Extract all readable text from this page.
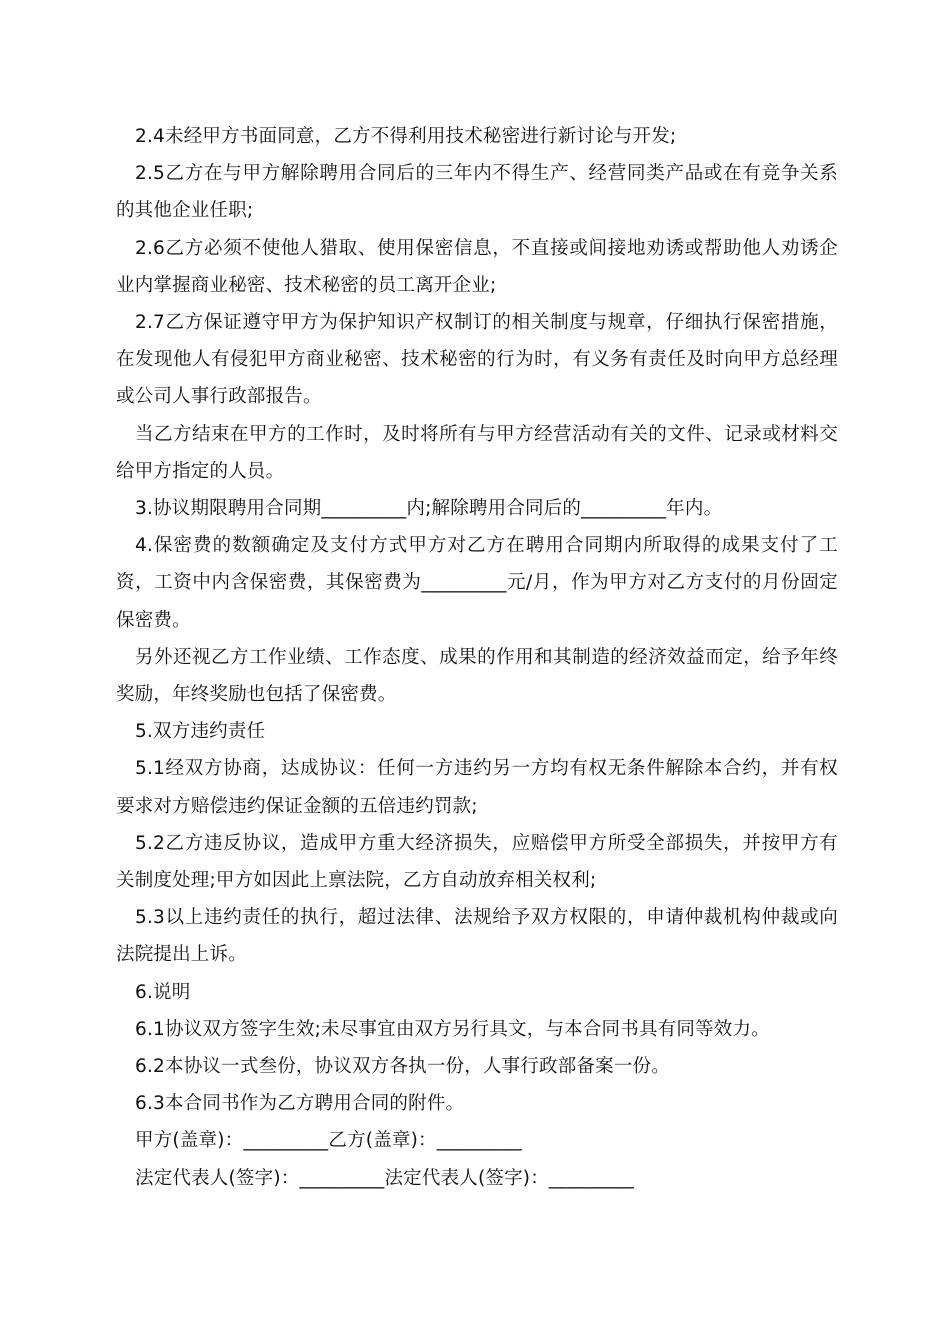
2.4未经甲方书面同意，乙方不得利用技术秘密进行新讨论与开发;

2.5乙方在与甲方解除聘用合同后的三年内不得生产、经营同类产品或在有竞争关系的其他企业任职;

2.6乙方必须不使他人猎取、使用保密信息，不直接或间接地劝诱或帮助他人劝诱企业内掌握商业秘密、技术秘密的员工离开企业;

2.7乙方保证遵守甲方为保护知识产权制订的相关制度与规章，仔细执行保密措施，在发现他人有侵犯甲方商业秘密、技术秘密的行为时，有义务有责任及时向甲方总经理或公司人事行政部报告。

当乙方结束在甲方的工作时，及时将所有与甲方经营活动有关的文件、记录或材料交给甲方指定的人员。

3.协议期限聘用合同期_________内;解除聘用合同后的_________年内。

4.保密费的数额确定及支付方式甲方对乙方在聘用合同期内所取得的成果支付了工资，工资中内含保密费，其保密费为_________元/月，作为甲方对乙方支付的月份固定保密费。

另外还视乙方工作业绩、工作态度、成果的作用和其制造的经济效益而定，给予年终奖励，年终奖励也包括了保密费。

5.双方违约责任

5.1经双方协商，达成协议：任何一方违约另一方均有权无条件解除本合约，并有权要求对方赔偿违约保证金额的五倍违约罚款;

5.2乙方违反协议，造成甲方重大经济损失，应赔偿甲方所受全部损失，并按甲方有关制度处理;甲方如因此上禀法院，乙方自动放弃相关权利;

5.3以上违约责任的执行，超过法律、法规给予双方权限的，申请仲裁机构仲裁或向法院提出上诉。

6.说明

6.1协议双方签字生效;未尽事宜由双方另行具文，与本合同书具有同等效力。

6.2本协议一式叁份，协议双方各执一份，人事行政部备案一份。

6.3本合同书作为乙方聘用合同的附件。

甲方(盖章)：_________乙方(盖章)：_________

法定代表人(签字)：_________法定代表人(签字)：_________
